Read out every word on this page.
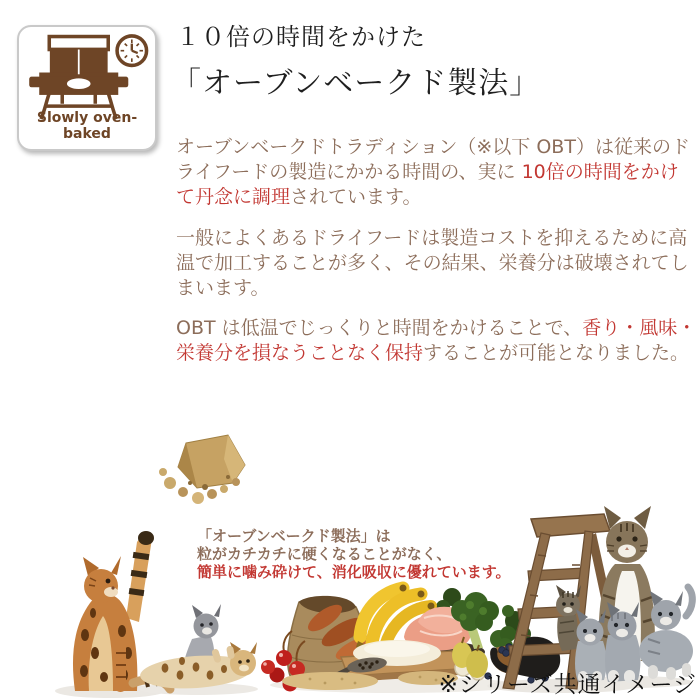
Slowly oven-baked
１０倍の時間をかけた
「オーブンベークド製法」
オーブンベークドトラディション（※以下 OBT）は従来のドライフードの製造にかかる時間の、実に 10倍の時間をかけて丹念に調理されています。
一般によくあるドライフードは製造コストを抑えるために高温で加工することが多く、その結果、栄養分は破壊されてしまいます。
OBT は低温でじっくりと時間をかけることで、香り・風味・栄養分を損なうことなく保持することが可能となりました。
「オーブンベークド製法」は
粒がカチカチに硬くなることがなく、
簡単に噛み砕けて、消化吸収に優れています。
※シリーズ共通イメージ
